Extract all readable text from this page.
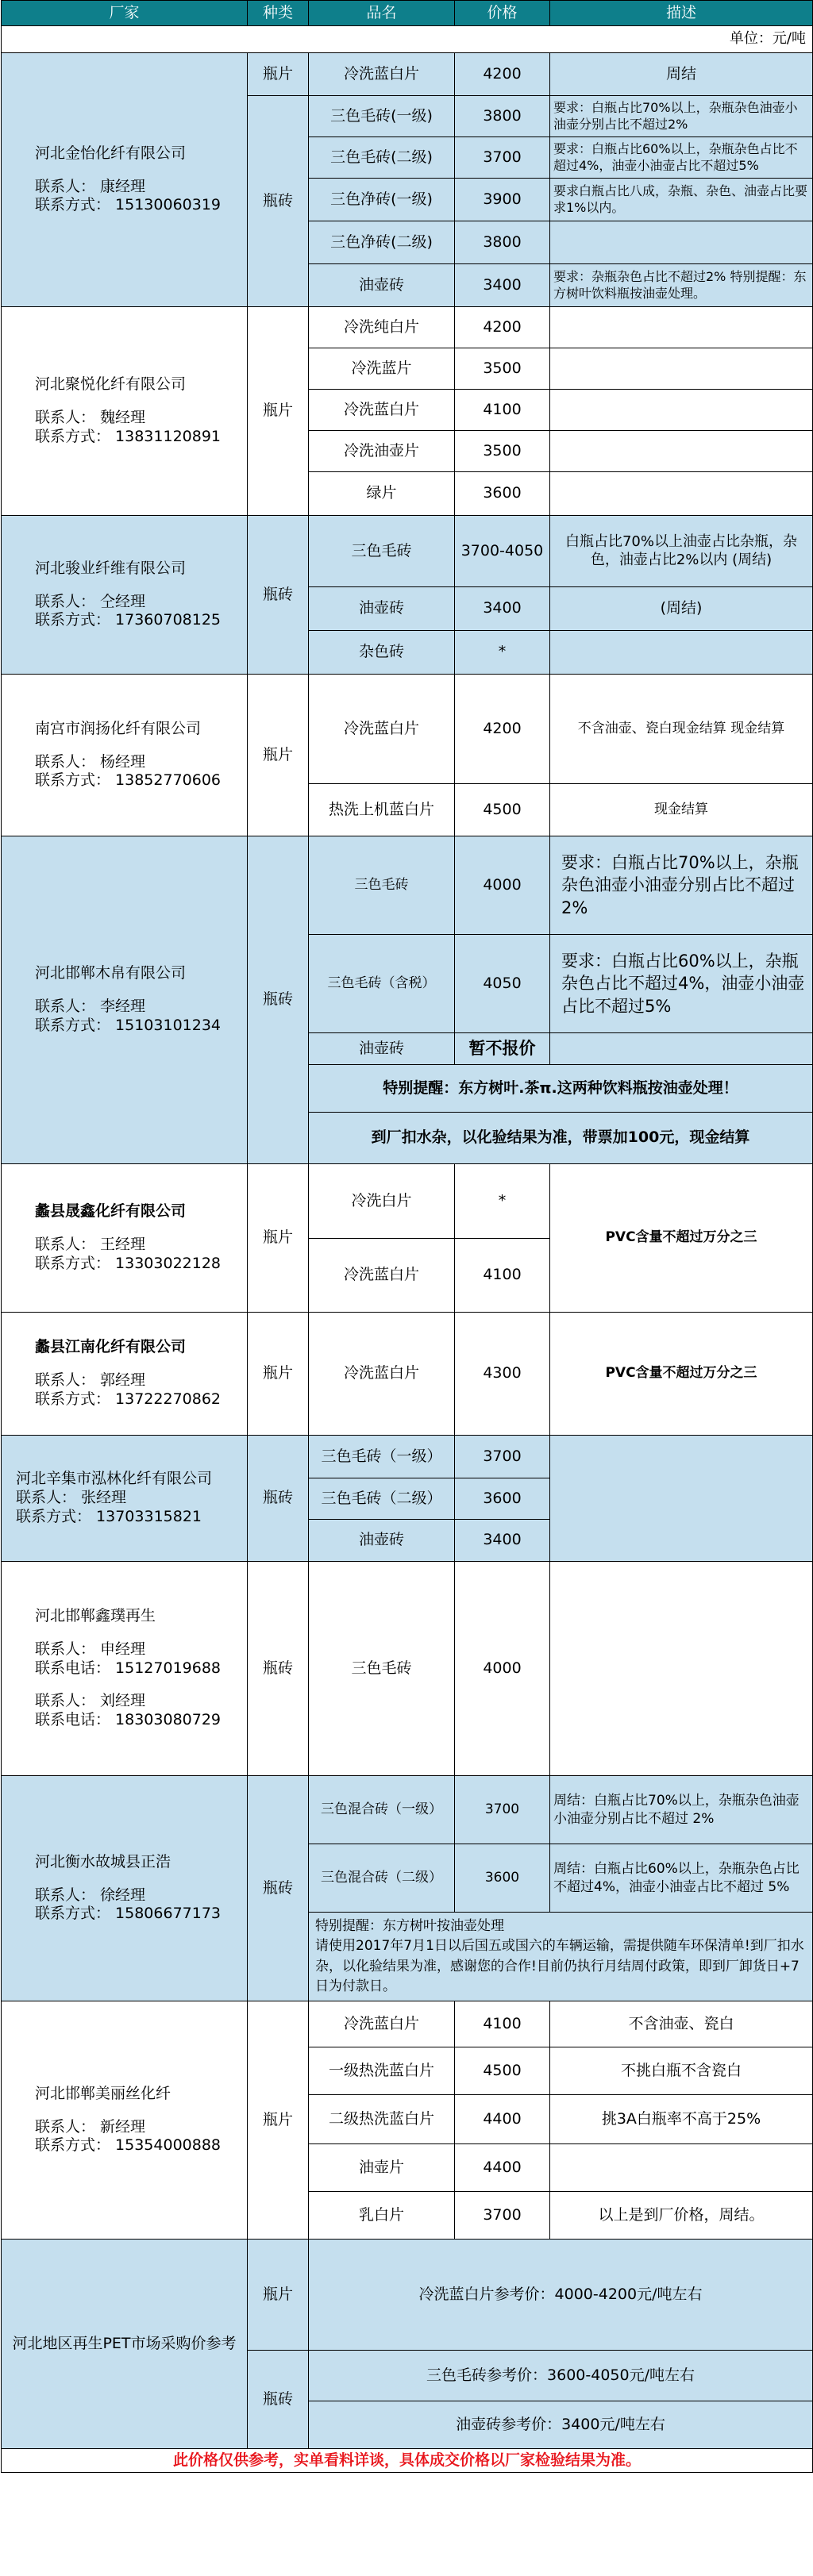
厂家	种类	品名	价格	描述
单位：元/吨				

河北金怡化纤有限公司
联系人： 康经理
联系方式： 15130060319	瓶片	冷洗蓝白片	4200	周结
	瓶砖	三色毛砖(一级)	3800	要求：白瓶占比70%以上，杂瓶杂色油壶小油壶分别占比不超过2%
		三色毛砖(二级)	3700	要求：白瓶占比60%以上，杂瓶杂色占比不超过4%，油壶小油壶占比不超过5%
		三色净砖(一级)	3900	要求白瓶占比八成，杂瓶、杂色、油壶占比要求1%以内。
		三色净砖(二级)	3800	
		油壶砖	3400	要求：杂瓶杂色占比不超过2% 特别提醒：东方树叶饮料瓶按油壶处理。

河北聚悦化纤有限公司
联系人： 魏经理
联系方式： 13831120891	瓶片	冷洗纯白片	4200	
		冷洗蓝片	3500	
		冷洗蓝白片	4100	
		冷洗油壶片	3500	
		绿片	3600	

河北骏业纤维有限公司
联系人： 仝经理
联系方式： 17360708125	瓶砖	三色毛砖	3700-4050	白瓶占比70%以上油壶占比杂瓶，杂色，油壶占比2%以内 (周结)
		油壶砖	3400	(周结)
		杂色砖	*	

南宫市润扬化纤有限公司
联系人： 杨经理
联系方式： 13852770606	瓶片	冷洗蓝白片	4200	不含油壶、瓷白现金结算 现金结算
		热洗上机蓝白片	4500	现金结算

河北邯郸木帛有限公司
联系人： 李经理
联系方式： 15103101234	瓶砖	三色毛砖	4000	要求：白瓶占比70%以上，杂瓶杂色油壶小油壶分别占比不超过2%
		三色毛砖（含税）	4050	要求：白瓶占比60%以上，杂瓶杂色占比不超过4%，油壶小油壶占比不超过5%
		油壶砖	暂不报价	
		特别提醒：东方树叶.茶π.这两种饮料瓶按油壶处理！		
		到厂扣水杂，以化验结果为准，带票加100元，现金结算		

蠡县晟鑫化纤有限公司
联系人： 王经理
联系方式： 13303022128	瓶片	冷洗白片	*	PVC含量不超过万分之三
		冷洗蓝白片	4100	

蠡县江南化纤有限公司
联系人： 郭经理
联系方式： 13722270862	瓶片	冷洗蓝白片	4300	PVC含量不超过万分之三

河北辛集市泓林化纤有限公司
联系人： 张经理
联系方式： 13703315821	瓶砖	三色毛砖（一级）	3700	
		三色毛砖（二级）	3600	
		油壶砖	3400	

河北邯郸鑫璞再生
联系人： 申经理
联系电话： 15127019688
联系人： 刘经理
联系电话： 18303080729	瓶砖	三色毛砖	4000	

河北衡水故城县正浩
联系人： 徐经理
联系方式： 15806677173	瓶砖	三色混合砖（一级）	3700	周结：白瓶占比70%以上，杂瓶杂色油壶小油壶分别占比不超过 2%
		三色混合砖（二级）	3600	周结：白瓶占比60%以上，杂瓶杂色占比不超过4%，油壶小油壶占比不超过 5%

		特别提醒：东方树叶按油壶处理
请使用2017年7月1日以后国五或国六的车辆运输，需提供随车环保清单!到厂扣水杂，以化验结果为准，感谢您的合作!目前仍执行月结周付政策，即到厂卸货日+7日为付款日。		

河北邯郸美丽丝化纤
联系人： 新经理
联系方式： 15354000888	瓶片	冷洗蓝白片	4100	不含油壶、瓷白
		一级热洗蓝白片	4500	不挑白瓶不含瓷白
		二级热洗蓝白片	4400	挑3A白瓶率不高于25%
		油壶片	4400	
		乳白片	3700	以上是到厂价格，周结。
河北地区再生PET市场采购价参考	瓶片	冷洗蓝白片参考价：4000-4200元/吨左右		
	瓶砖	三色毛砖参考价：3600-4050元/吨左右		
		油壶砖参考价：3400元/吨左右		
此价格仅供参考，实单看料详谈，具体成交价格以厂家检验结果为准。				
